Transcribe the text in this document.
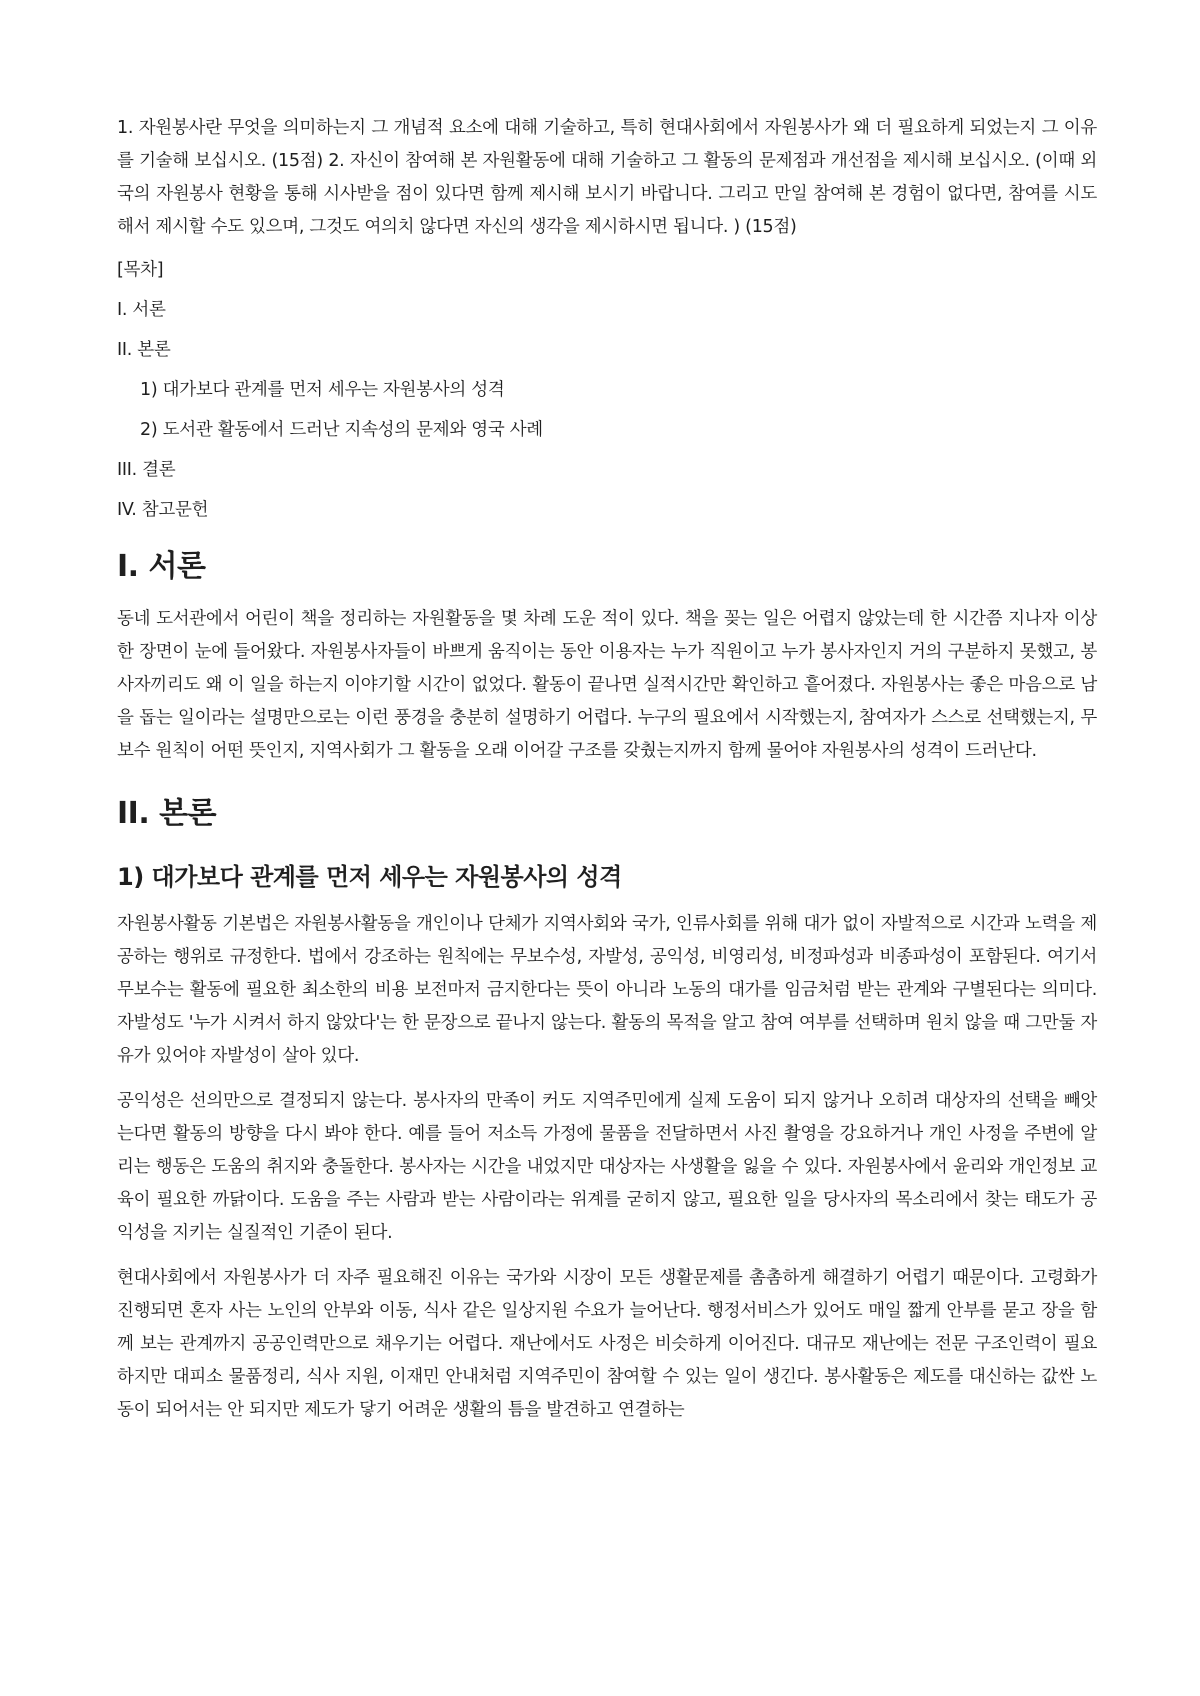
1. 자원봉사란 무엇을 의미하는지 그 개념적 요소에 대해 기술하고, 특히 현대사회에서 자원봉사가 왜 더 필요하게 되었는지 그 이유를 기술해 보십시오. (15점) 2. 자신이 참여해 본 자원활동에 대해 기술하고 그 활동의 문제점과 개선점을 제시해 보십시오. (이때 외국의 자원봉사 현황을 통해 시사받을 점이 있다면 함께 제시해 보시기 바랍니다. 그리고 만일 참여해 본 경험이 없다면, 참여를 시도해서 제시할 수도 있으며, 그것도 여의치 않다면 자신의 생각을 제시하시면 됩니다. ) (15점)

[목차]
I. 서론
II. 본론
1) 대가보다 관계를 먼저 세우는 자원봉사의 성격
2) 도서관 활동에서 드러난 지속성의 문제와 영국 사례
III. 결론
IV. 참고문헌
I. 서론

동네 도서관에서 어린이 책을 정리하는 자원활동을 몇 차례 도운 적이 있다. 책을 꽂는 일은 어렵지 않았는데 한 시간쯤 지나자 이상한 장면이 눈에 들어왔다. 자원봉사자들이 바쁘게 움직이는 동안 이용자는 누가 직원이고 누가 봉사자인지 거의 구분하지 못했고, 봉사자끼리도 왜 이 일을 하는지 이야기할 시간이 없었다. 활동이 끝나면 실적시간만 확인하고 흩어졌다. 자원봉사는 좋은 마음으로 남을 돕는 일이라는 설명만으로는 이런 풍경을 충분히 설명하기 어렵다. 누구의 필요에서 시작했는지, 참여자가 스스로 선택했는지, 무보수 원칙이 어떤 뜻인지, 지역사회가 그 활동을 오래 이어갈 구조를 갖췄는지까지 함께 물어야 자원봉사의 성격이 드러난다.

II. 본론
1) 대가보다 관계를 먼저 세우는 자원봉사의 성격

자원봉사활동 기본법은 자원봉사활동을 개인이나 단체가 지역사회와 국가, 인류사회를 위해 대가 없이 자발적으로 시간과 노력을 제공하는 행위로 규정한다. 법에서 강조하는 원칙에는 무보수성, 자발성, 공익성, 비영리성, 비정파성과 비종파성이 포함된다. 여기서 무보수는 활동에 필요한 최소한의 비용 보전마저 금지한다는 뜻이 아니라 노동의 대가를 임금처럼 받는 관계와 구별된다는 의미다. 자발성도 '누가 시켜서 하지 않았다'는 한 문장으로 끝나지 않는다. 활동의 목적을 알고 참여 여부를 선택하며 원치 않을 때 그만둘 자유가 있어야 자발성이 살아 있다.

공익성은 선의만으로 결정되지 않는다. 봉사자의 만족이 커도 지역주민에게 실제 도움이 되지 않거나 오히려 대상자의 선택을 빼앗는다면 활동의 방향을 다시 봐야 한다. 예를 들어 저소득 가정에 물품을 전달하면서 사진 촬영을 강요하거나 개인 사정을 주변에 알리는 행동은 도움의 취지와 충돌한다. 봉사자는 시간을 내었지만 대상자는 사생활을 잃을 수 있다. 자원봉사에서 윤리와 개인정보 교육이 필요한 까닭이다. 도움을 주는 사람과 받는 사람이라는 위계를 굳히지 않고, 필요한 일을 당사자의 목소리에서 찾는 태도가 공익성을 지키는 실질적인 기준이 된다.

현대사회에서 자원봉사가 더 자주 필요해진 이유는 국가와 시장이 모든 생활문제를 촘촘하게 해결하기 어렵기 때문이다. 고령화가 진행되면 혼자 사는 노인의 안부와 이동, 식사 같은 일상지원 수요가 늘어난다. 행정서비스가 있어도 매일 짧게 안부를 묻고 장을 함께 보는 관계까지 공공인력만으로 채우기는 어렵다. 재난에서도 사정은 비슷하게 이어진다. 대규모 재난에는 전문 구조인력이 필요하지만 대피소 물품정리, 식사 지원, 이재민 안내처럼 지역주민이 참여할 수 있는 일이 생긴다. 봉사활동은 제도를 대신하는 값싼 노동이 되어서는 안 되지만 제도가 닿기 어려운 생활의 틈을 발견하고 연결하는
